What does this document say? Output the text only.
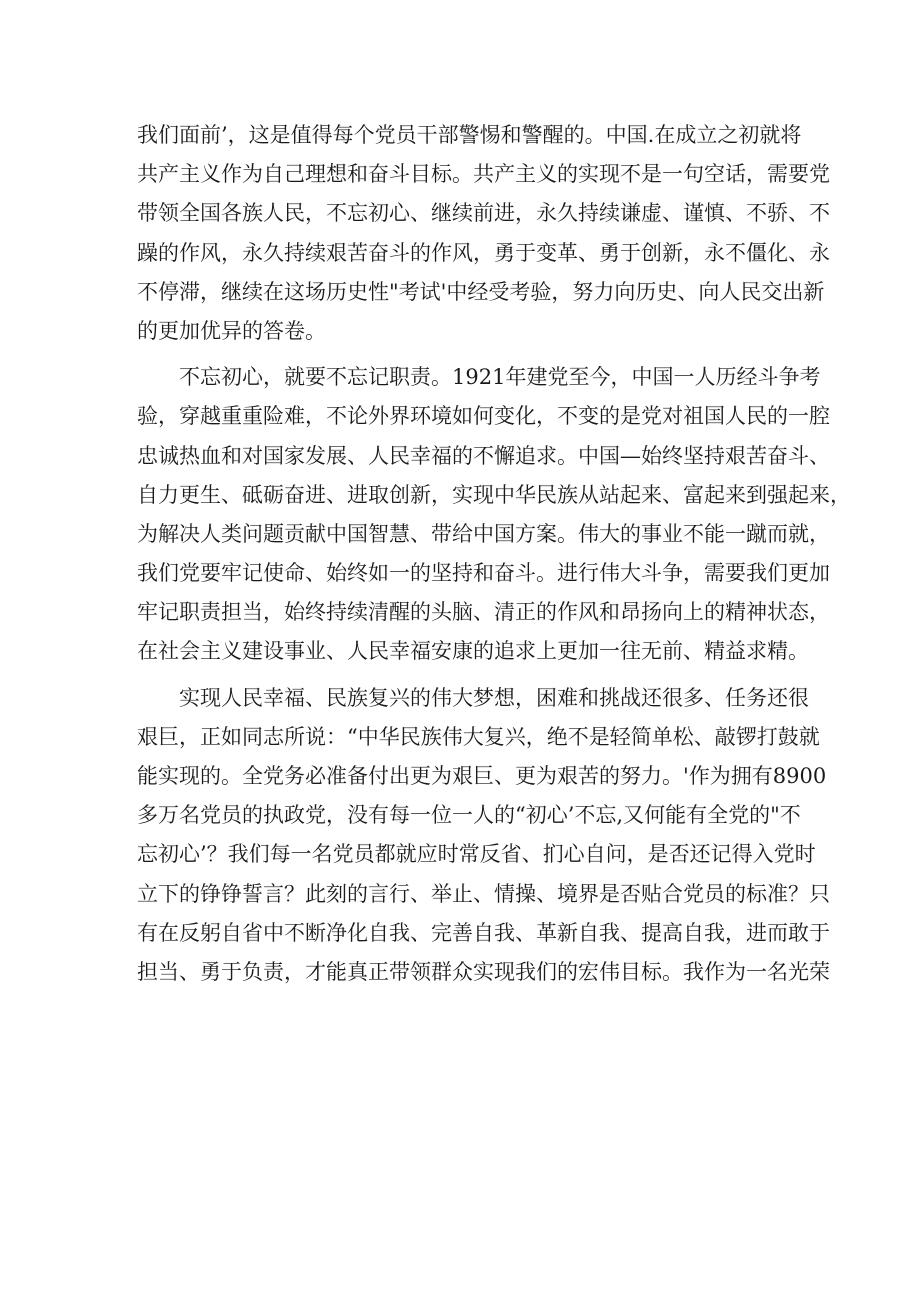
我们面前’，这是值得每个党员干部警惕和警醒的。中国.在成立之初就将
共产主义作为自己理想和奋斗目标。共产主义的实现不是一句空话，需要党
带领全国各族人民，不忘初心、继续前进，永久持续谦虚、谨慎、不骄、不
躁的作风，永久持续艰苦奋斗的作风，勇于变革、勇于创新，永不僵化、永
不停滞，继续在这场历史性"考试'中经受考验，努力向历史、向人民交出新
的更加优异的答卷。
不忘初心，就要不忘记职责。1921年建党至今，中国一人历经斗争考
验，穿越重重险难，不论外界环境如何变化，不变的是党对祖国人民的一腔
忠诚热血和对国家发展、人民幸福的不懈追求。中国—始终坚持艰苦奋斗、
自力更生、砥砺奋进、进取创新，实现中华民族从站起来、富起来到强起来，
为解决人类问题贡献中国智慧、带给中国方案。伟大的事业不能一蹴而就，
我们党要牢记使命、始终如一的坚持和奋斗。进行伟大斗争，需要我们更加
牢记职责担当，始终持续清醒的头脑、清正的作风和昂扬向上的精神状态，
在社会主义建设事业、人民幸福安康的追求上更加一往无前、精益求精。
实现人民幸福、民族复兴的伟大梦想，困难和挑战还很多、任务还很
艰巨，正如同志所说：“中华民族伟大复兴，绝不是轻简单松、敲锣打鼓就
能实现的。全党务必准备付出更为艰巨、更为艰苦的努力。'作为拥有8900
多万名党员的执政党，没有每一位一人的“初心’不忘,又何能有全党的"不
忘初心’？我们每一名党员都就应时常反省、扪心自问，是否还记得入党时
立下的铮铮誓言？此刻的言行、举止、情操、境界是否贴合党员的标准？只
有在反躬自省中不断净化自我、完善自我、革新自我、提高自我，进而敢于
担当、勇于负责，才能真正带领群众实现我们的宏伟目标。我作为一名光荣
